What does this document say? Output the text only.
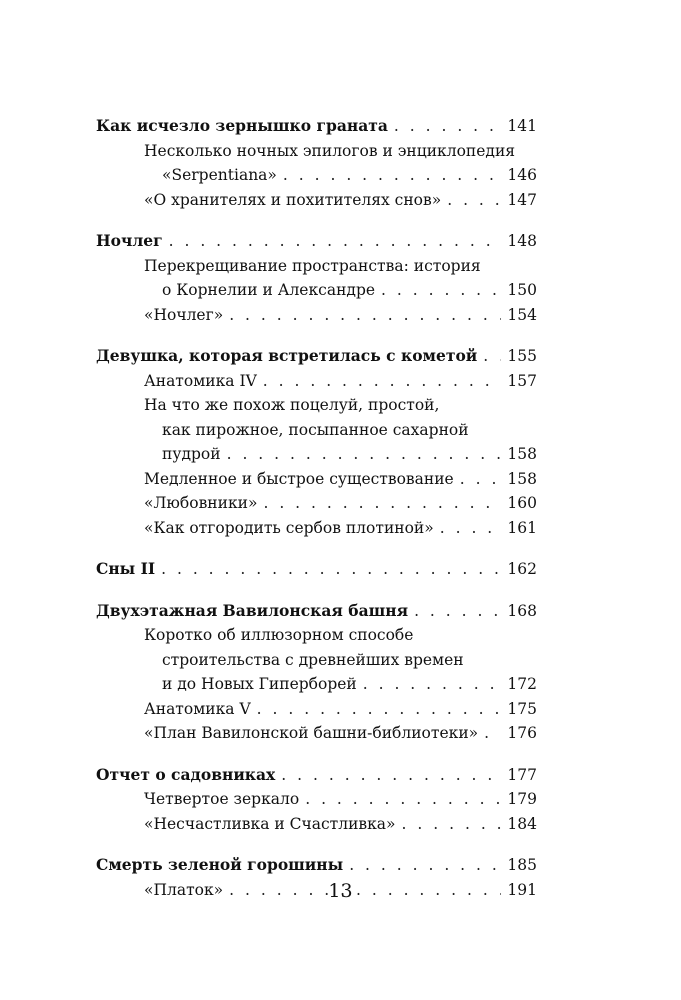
Как исчезло зернышко граната . . .	141
Несколько ночных эпилогов и энциклопедия
«Serpentiana» . . .	146
«О хранителях и похитителях снов» . . .	147
Ночлег . . .	148
Перекрещивание пространства: история
о Корнелии и Александре . . .	150
«Ночлег» . . .	154
Девушка, которая встретилась с кометой . . . 155
Анатомика IV . . .	157
На что же похож поцелуй, простой,
как пирожное, посыпанное сахарной
пудрой . . .	158
Медленное и быстрое существование . . .	158
«Любовники» . . .	160
«Как отгородить сербов плотиной» . . .	161
Сны II . . .	162
Двухэтажная Вавилонская башня . . .	168
Коротко об иллюзорном способе
строительства с древнейших времен
и до Новых Гиперборей . . .	172
Анатомика V . . .	175
«План Вавилонской башни-библиотеки» . . . 176
Отчет о садовниках . . .	177
Четвертое зеркало . . .	179
«Несчастливка и Счастливка» . . .	184
Смерть зеленой горошины . . .	185
«Платок» . . .	191
13
